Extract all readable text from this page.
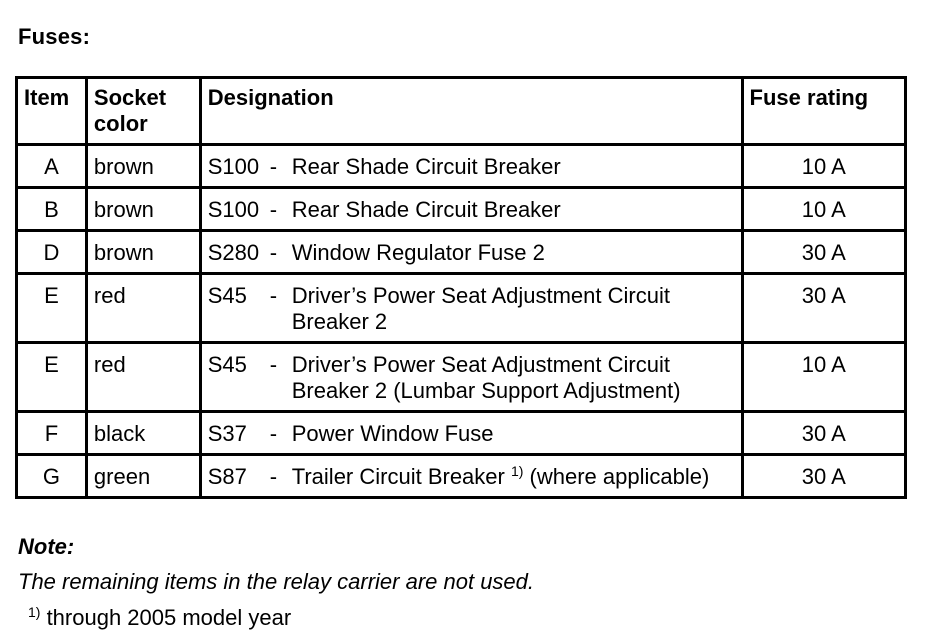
Fuses:
Item	Socket color	Designation	Fuse rating
A	brown	S100 - Rear Shade Circuit Breaker	10 A
B	brown	S100 - Rear Shade Circuit Breaker	10 A
D	brown	S280 - Window Regulator Fuse 2	30 A
E	red	S45 - Driver’s Power Seat Adjustment Circuit Breaker 2	30 A
E	red	S45 - Driver’s Power Seat Adjustment Circuit Breaker 2 (Lumbar Support Adjustment)	10 A
F	black	S37 - Power Window Fuse	30 A
G	green	S87 - Trailer Circuit Breaker $^{1)}$ (where applicable)	30 A
Note:
The remaining items in the relay carrier are not used.
$^{1)}$ through 2005 model year
